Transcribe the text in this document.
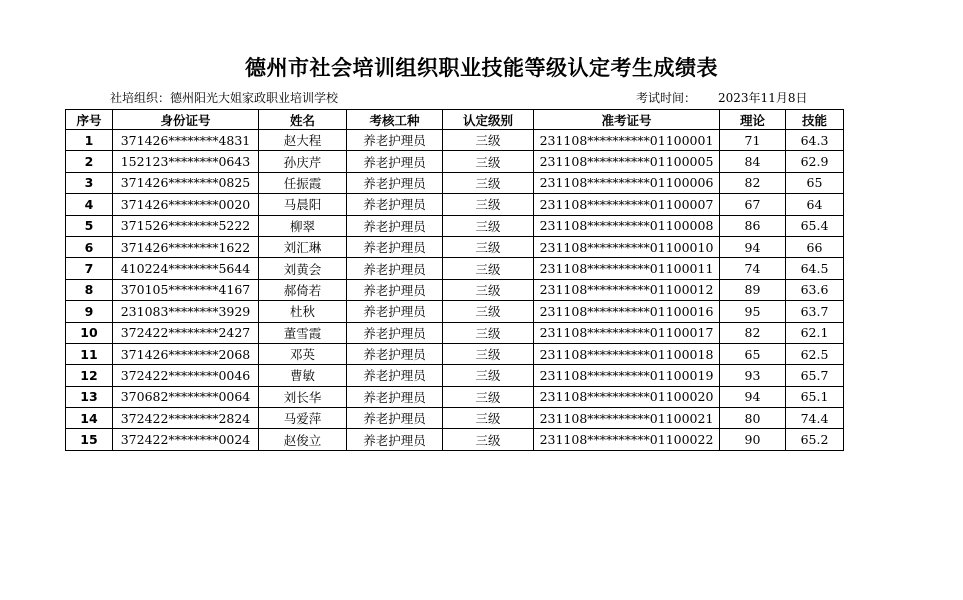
德州市社会培训组织职业技能等级认定考生成绩表
社培组织：德州阳光大姐家政职业培训学校	考试时间： 2023年11月8日
序号	身份证号	姓名	考核工种	认定级别	准考证号	理论	技能
1	371426********4831	赵大程	养老护理员	三级	231108**********01100001	71	64.3
2	152123********0643	孙庆芹	养老护理员	三级	231108**********01100005	84	62.9
3	371426********0825	任振霞	养老护理员	三级	231108**********01100006	82	65
4	371426********0020	马晨阳	养老护理员	三级	231108**********01100007	67	64
5	371526********5222	柳翠	养老护理员	三级	231108**********01100008	86	65.4
6	371426********1622	刘汇琳	养老护理员	三级	231108**********01100010	94	66
7	410224********5644	刘黄会	养老护理员	三级	231108**********01100011	74	64.5
8	370105********4167	郝倚若	养老护理员	三级	231108**********01100012	89	63.6
9	231083********3929	杜秋	养老护理员	三级	231108**********01100016	95	63.7
10	372422********2427	董雪霞	养老护理员	三级	231108**********01100017	82	62.1
11	371426********2068	邓英	养老护理员	三级	231108**********01100018	65	62.5
12	372422********0046	曹敏	养老护理员	三级	231108**********01100019	93	65.7
13	370682********0064	刘长华	养老护理员	三级	231108**********01100020	94	65.1
14	372422********2824	马爱萍	养老护理员	三级	231108**********01100021	80	74.4
15	372422********0024	赵俊立	养老护理员	三级	231108**********01100022	90	65.2
